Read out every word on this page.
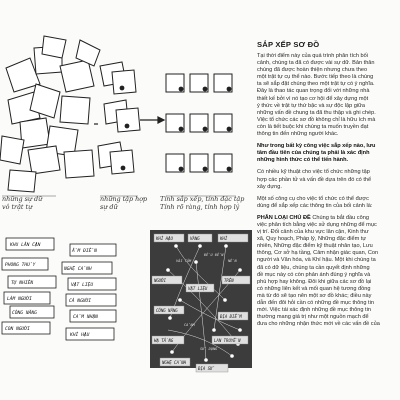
KHU LÂN CẬN
ẨM ĐIỂN
PHONG THỦY
NGHỆ CẢNH
TỰ NHIÊN	VẬT LIỆU
LÀM NGƯỜI	CÁ NGƯỜI
CÔNG NĂNG
CẢM NHẬN
CON NGƯỜI
KHÍ HẬU
KHÍ HẬU	VÀNG	KHÍ
NGƯỜI	TRÊN
CÔNG NĂNG
ĐỊA ĐIỂM
VẬT LIỆU
HẠ TẦNG	LAN TRUYỀN
NGHỆ CẢNH
ĐỊA SỬ
VÀI TÂM
ĐỀU ĐẾN
NỀN
CẢNH
SỬ DỤNG
những sự dữ
vô trật tự
những tập hợp
sự dữ
Tính sắp xếp, tính đặc tập
Tính rõ ràng, tính hợp lý
SẮP XẾP SƠ ĐỒ
Tại thời điểm này của quá trình phân tích bối
cảnh, chúng ta đã có được vài sự dữ. Bản thân
chúng đã được hoàn thiện nhưng chưa theo
một trật tự cụ thể nào. Bước tiếp theo là chúng
ta sẽ sắp đặt chúng theo một trật tự có ý nghĩa.
Đây là thao tác quan trọng đối với những nhà
thiết kế bởi vì nó tạo cơ hội để xây dựng một
ý thức về trật tự thứ bậc và sự độc lập giữa
những vấn đề chung ta đã thu thập và ghi chép.
Việc tổ chức các sơ đồ không chỉ là hữu ích mà
còn là tiết buộc khi chúng ta muốn truyền đạt
thông tin đến những người khác.
Như trong bất kỳ công việc sắp xếp nào, lưu
tâm đầu tiên của chúng ta phải là xác định
những hình thức có thể tiến hành.
Có nhiều kỹ thuật cho việc tổ chức những tập
hợp các phần tử và vấn đề dựa trên đó có thể
xây dựng.
Một số công cụ cho việc tổ chức có thể được
dùng để sắp xếp các thông tin của bối cảnh là:
PHÂN LOẠI CHỦ ĐỀ Chúng ta bắt đầu công
việc phân tích bằng việc sử dụng những để mục
vị trí. Đối cảnh của khu vực lân cận, Kinh thư
xã, Quy hoạch, Pháp lý, Những đặc điểm tự
nhiên, Những đặc điểm kỹ thuật nhân tạo, Lưu
thông, Cơ sở hạ tầng, Cảm nhận giác quan, Con
người và Văn hóa, và Khí hậu. Một khi chúng ta
đã có dữ liệu, chúng ta cần quyết định những
đề mục này có còn phản ánh đúng ý nghĩa và
phù hợp hay không. Đôi khi giữa các sơ đồ lại
có những liên kết và mối quan hệ tương đồng
mà từ đó sẽ tạo nên một sơ đồ khác; điều này
dẫn đến đôi hỏi cần có những đề mục thông tin
mới. Việc tái xác định những đề mục thông tin
thường mang giá trị như một nguồn mạch để
đưa cho những nhận thức mới về các vấn đề của
